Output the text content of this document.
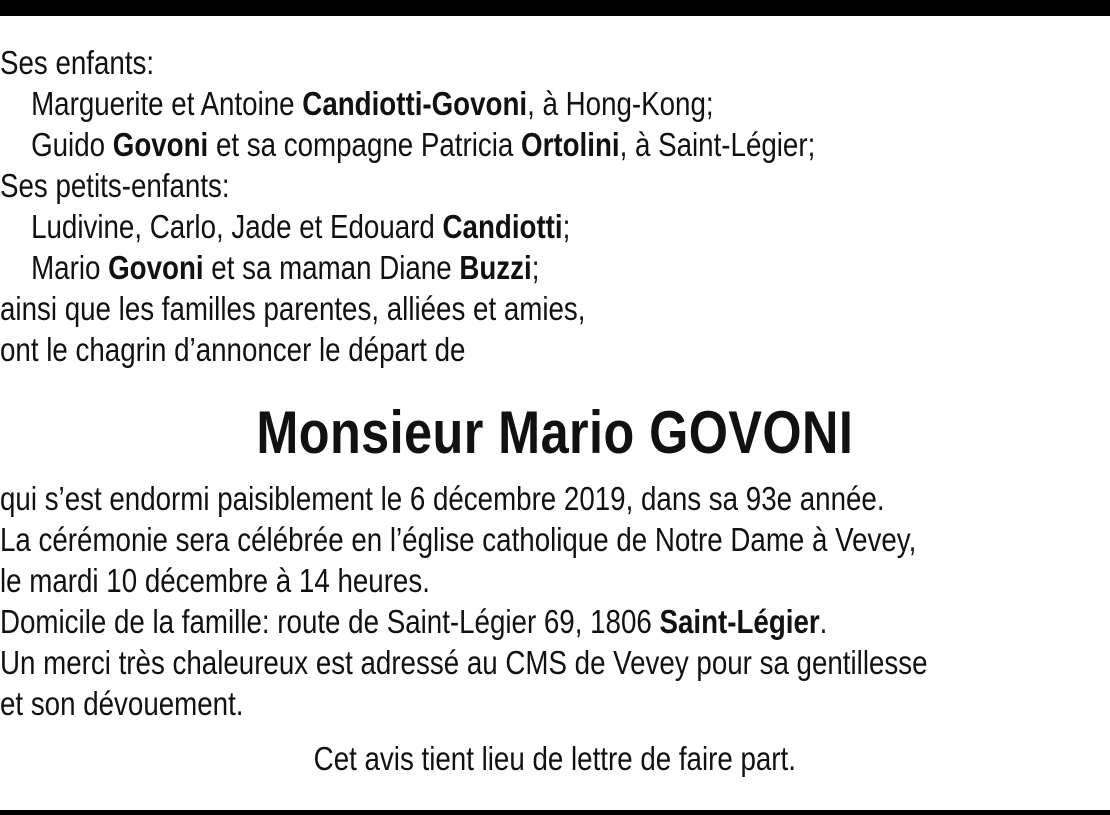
Ses enfants:
Marguerite et Antoine Candiotti-Govoni, à Hong-Kong;
Guido Govoni et sa compagne Patricia Ortolini, à Saint-Légier;
Ses petits-enfants:
Ludivine, Carlo, Jade et Edouard Candiotti;
Mario Govoni et sa maman Diane Buzzi;
ainsi que les familles parentes, alliées et amies,
ont le chagrin d’annoncer le départ de
Monsieur Mario GOVONI
qui s’est endormi paisiblement le 6 décembre 2019, dans sa 93e année.
La cérémonie sera célébrée en l’église catholique de Notre Dame à Vevey,
le mardi 10 décembre à 14 heures.
Domicile de la famille: route de Saint-Légier 69, 1806 Saint-Légier.
Un merci très chaleureux est adressé au CMS de Vevey pour sa gentillesse
et son dévouement.
Cet avis tient lieu de lettre de faire part.
